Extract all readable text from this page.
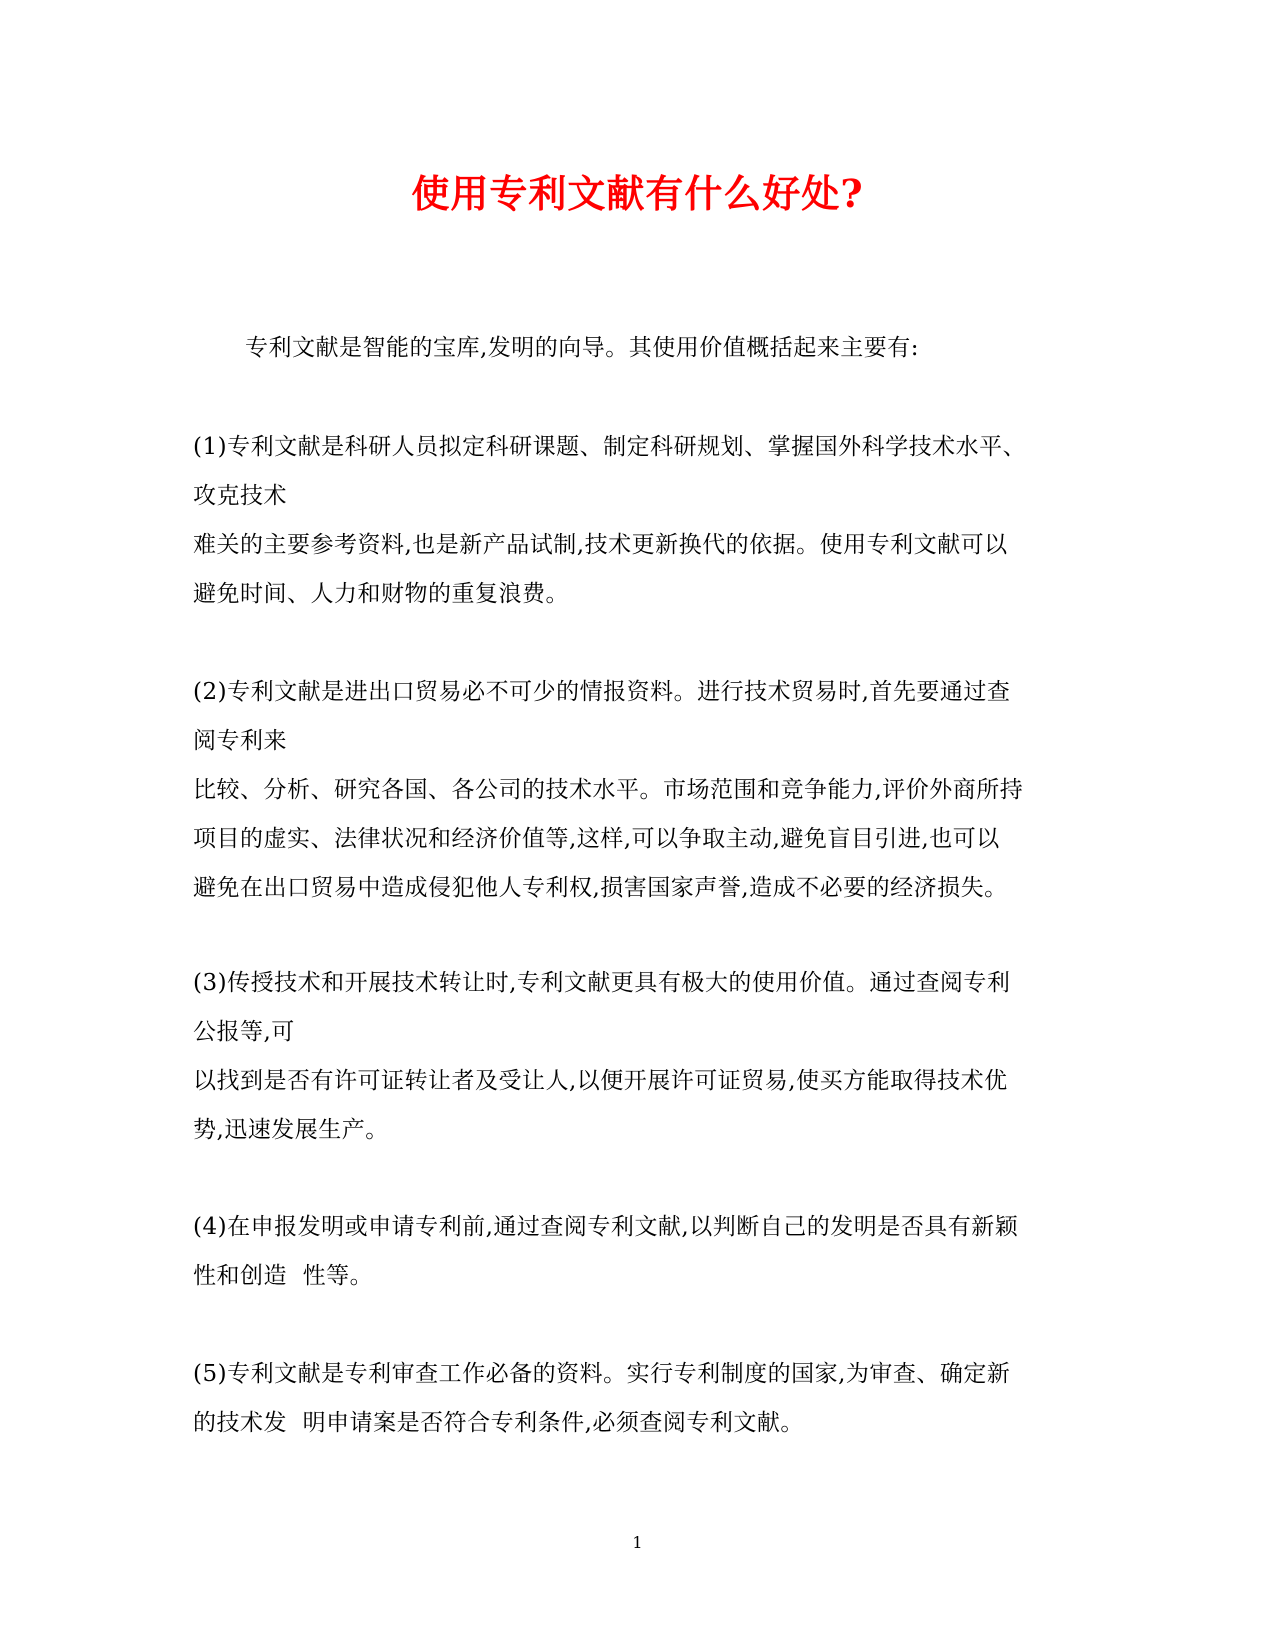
使用专利文献有什么好处?
专利文献是智能的宝库,发明的向导。其使用价值概括起来主要有:
(1)专利文献是科研人员拟定科研课题、制定科研规划、掌握国外科学技术水平、
攻克技术
难关的主要参考资料,也是新产品试制,技术更新换代的依据。使用专利文献可以
避免时间、人力和财物的重复浪费。
(2)专利文献是进出口贸易必不可少的情报资料。进行技术贸易时,首先要通过查
阅专利来
比较、分析、研究各国、各公司的技术水平。市场范围和竞争能力,评价外商所持
项目的虚实、法律状况和经济价值等,这样,可以争取主动,避免盲目引进,也可以
避免在出口贸易中造成侵犯他人专利权,损害国家声誉,造成不必要的经济损失。
(3)传授技术和开展技术转让时,专利文献更具有极大的使用价值。通过查阅专利
公报等,可
以找到是否有许可证转让者及受让人,以便开展许可证贸易,使买方能取得技术优
势,迅速发展生产。
(4)在申报发明或申请专利前,通过查阅专利文献,以判断自己的发明是否具有新颖
性和创造  性等。
(5)专利文献是专利审查工作必备的资料。实行专利制度的国家,为审查、确定新
的技术发  明申请案是否符合专利条件,必须查阅专利文献。
1
